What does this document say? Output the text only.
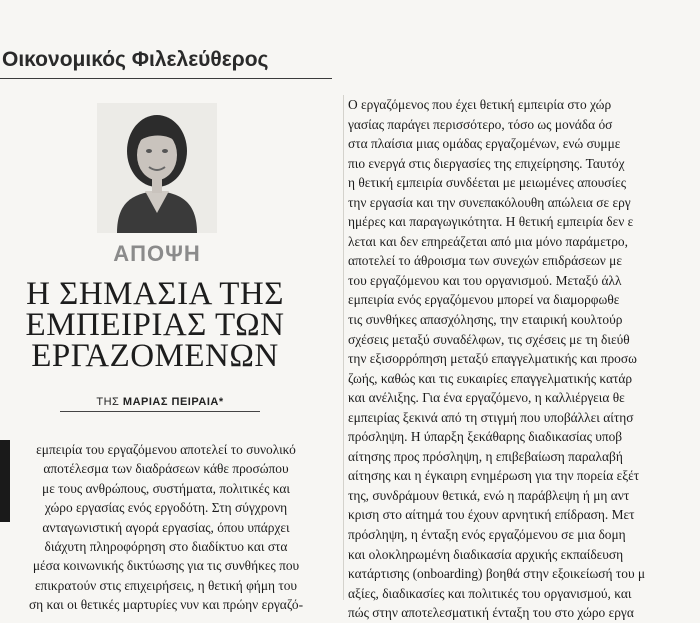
Οικονομικός Φιλελεύθερος
ΑΠΟΨΗ
Η ΣΗΜΑΣΙΑ ΤΗΣ
ΕΜΠΕΙΡΙΑΣ ΤΩΝ
ΕΡΓΑΖΟΜΕΝΩΝ
ΤΗΣ ΜΑΡΙΑΣ ΠΕΙΡΑΙΑ*

εμπειρία του εργαζόμενου αποτελεί το συνολικό

αποτέλεσμα των διαδράσεων κάθε προσώπου

με τους ανθρώπους, συστήματα, πολιτικές και

χώρο εργασίας ενός εργοδότη. Στη σύγχρονη

ανταγωνιστική αγορά εργασίας, όπου υπάρχει

διάχυτη πληροφόρηση στο διαδίκτυο και στα

μέσα κοινωνικής δικτύωσης για τις συνθήκες που

επικρατούν στις επιχειρήσεις, η θετική φήμη του

ση και οι θετικές μαρτυρίες νυν και πρώην εργαζό-

Ο εργαζόμενος που έχει θετική εμπειρία στο χώρ

γασίας παράγει περισσότερο, τόσο ως μονάδα όσ

στα πλαίσια μιας ομάδας εργαζομένων, ενώ συμμε

πιο ενεργά στις διεργασίες της επιχείρησης. Ταυτόχ

η θετική εμπειρία συνδέεται με μειωμένες απουσίες

την εργασία και την συνεπακόλουθη απώλεια σε εργ

ημέρες και παραγωγικότητα. Η θετική εμπειρία δεν ε

λεται και δεν επηρεάζεται από μια μόνο παράμετρο,

αποτελεί το άθροισμα των συνεχών επιδράσεων με

του εργαζόμενου και του οργανισμού. Μεταξύ άλλ

εμπειρία ενός εργαζόμενου μπορεί να διαμορφωθε

τις συνθήκες απασχόλησης, την εταιρική κουλτούρ

σχέσεις μεταξύ συναδέλφων, τις σχέσεις με τη διεύθ

την εξισορρόπηση μεταξύ επαγγελματικής και προσω

ζωής, καθώς και τις ευκαιρίες επαγγελματικής κατάρ

και ανέλιξης. Για ένα εργαζόμενο, η καλλιέργεια θε

εμπειρίας ξεκινά από τη στιγμή που υποβάλλει αίτησ

πρόσληψη. Η ύπαρξη ξεκάθαρης διαδικασίας υποβ

αίτησης προς πρόσληψη, η επιβεβαίωση παραλαβή

αίτησης και η έγκαιρη ενημέρωση για την πορεία εξέτ

της, συνδράμουν θετικά, ενώ η παράβλεψη ή μη αντ

κριση στο αίτημά του έχουν αρνητική επίδραση. Μετ

πρόσληψη, η ένταξη ενός εργαζόμενου σε μια δομη

και ολοκληρωμένη διαδικασία αρχικής εκπαίδευση

κατάρτισης (onboarding) βοηθά στην εξοικείωσή του μ

αξίες, διαδικασίες και πολιτικές του οργανισμού, και

πώς στην αποτελεσματική ένταξη του στο χώρο εργα
